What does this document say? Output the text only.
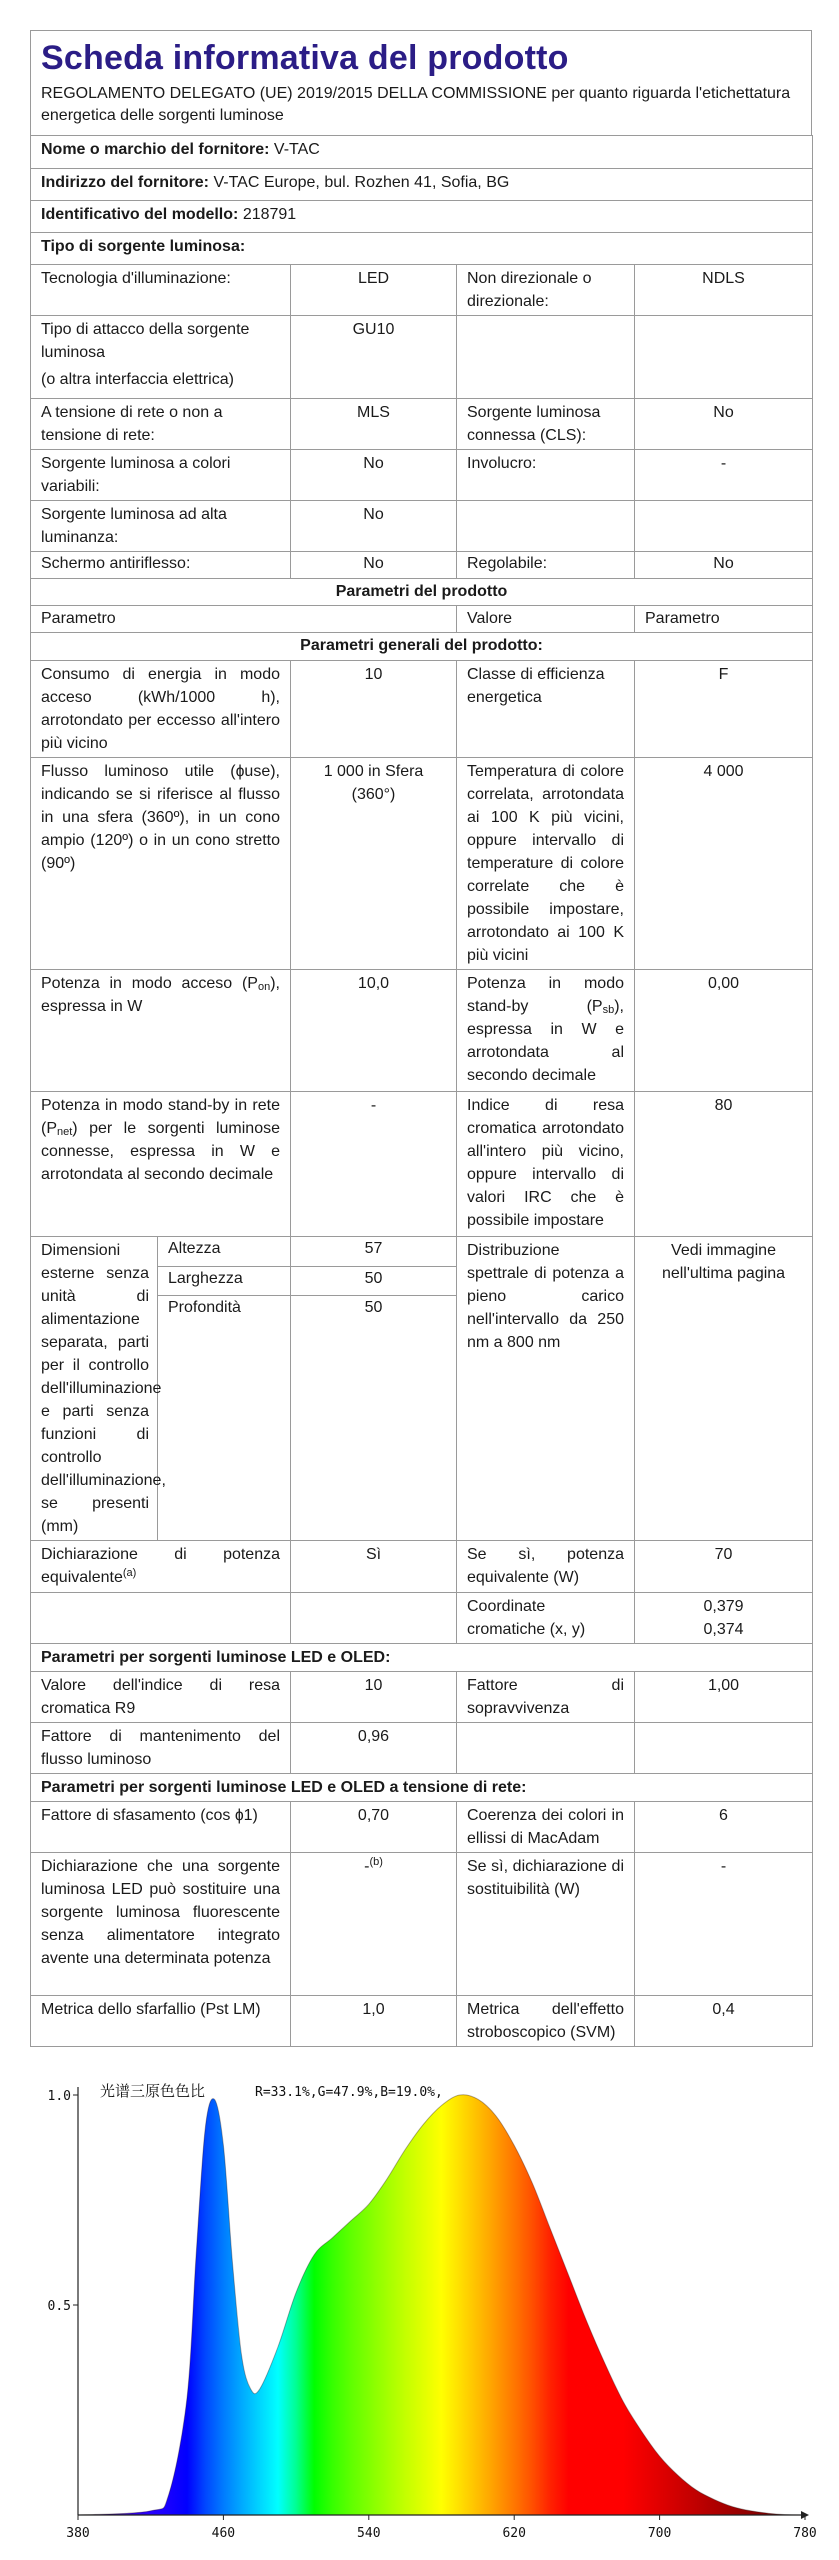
Scheda informativa del prodotto
REGOLAMENTO DELEGATO (UE) 2019/2015 DELLA COMMISSIONE per quanto riguarda l'etichettatura energetica delle sorgenti luminose
Nome o marchio del fornitore: V-TAC				
Indirizzo del fornitore: V-TAC Europe, bul. Rozhen 41, Sofia, BG				
Identificativo del modello: 218791				
Tipo di sorgente luminosa:				
Tecnologia d'illuminazione:		LED	Non direzionale o direzionale:	NDLS

Tipo di attacco della sorgente luminosa
(o altra interfaccia elettrica)		GU10		
A tensione di rete o non a tensione di rete:		MLS	Sorgente luminosa connessa (CLS):	No
Sorgente luminosa a colori variabili:		No	Involucro:	-
Sorgente luminosa ad alta luminanza:		No		
Schermo antiriflesso:		No	Regolabile:	No
Parametri del prodotto				
Parametro			Valore	Parametro
Parametri generali del prodotto:				
Consumo di energia in modo acceso (kWh/1000 h), arrotondato per eccesso all'intero più vicino		10	Classe di efficienza energetica	F
Flusso luminoso utile (ɸuse), indicando se si riferisce al flusso in una sfera (360º), in un cono ampio (120º) o in un cono stretto (90º)		1 000 in Sfera (360°)	Temperatura di colore correlata, arrotondata ai 100 K più vicini, oppure intervallo di temperature di colore correlate che è possibile impostare, arrotondato ai 100 K più vicini	4 000
Potenza in modo acceso (Pon), espressa in W		10,0	Potenza in modo stand-by (Psb), espressa in W e arrotondata al secondo decimale	0,00
Potenza in modo stand-by in rete (Pnet) per le sorgenti luminose connesse, espressa in W e arrotondata al secondo decimale		-	Indice di resa cromatica arrotondato all'intero più vicino, oppure intervallo di valori IRC che è possibile impostare	80
Dimensioni esterne senza unità di alimentazione separata, parti per il controllo dell'illuminazione e parti senza funzioni di controllo dell'illuminazione, se presenti (mm)	Altezza	57	Distribuzione spettrale di potenza a pieno carico nell'intervallo da 250 nm a 800 nm	Vedi immagine nell'ultima pagina
	Larghezza	50		
	Profondità	50		

Dichiarazione di potenza equivalente$^{(a)}$		Sì	Se sì, potenza equivalente (W)	70
			Coordinate cromatiche (x, y)	0,379
0,374

Parametri per sorgenti luminose LED e OLED:				
Valore dell'indice di resa cromatica R9		10	Fattore di sopravvivenza	1,00
Fattore di mantenimento del flusso luminoso		0,96		
Parametri per sorgenti luminose LED e OLED a tensione di rete:				
Fattore di sfasamento (cos ɸ1)		0,70	Coerenza dei colori in ellissi di MacAdam	6
Dichiarazione che una sorgente luminosa LED può sostituire una sorgente luminosa fluorescente senza alimentatore integrato avente una determinata potenza		-$^{(b)}$	Se sì, dichiarazione di sostituibilità (W)	-
Metrica dello sfarfallio (Pst LM)		1,0	Metrica dell'effetto stroboscopico (SVM)	0,4
380	460	540	620	700	780
1.0
0.5
光谱三原色色比	R=33.1%,G=47.9%,B=19.0%,
